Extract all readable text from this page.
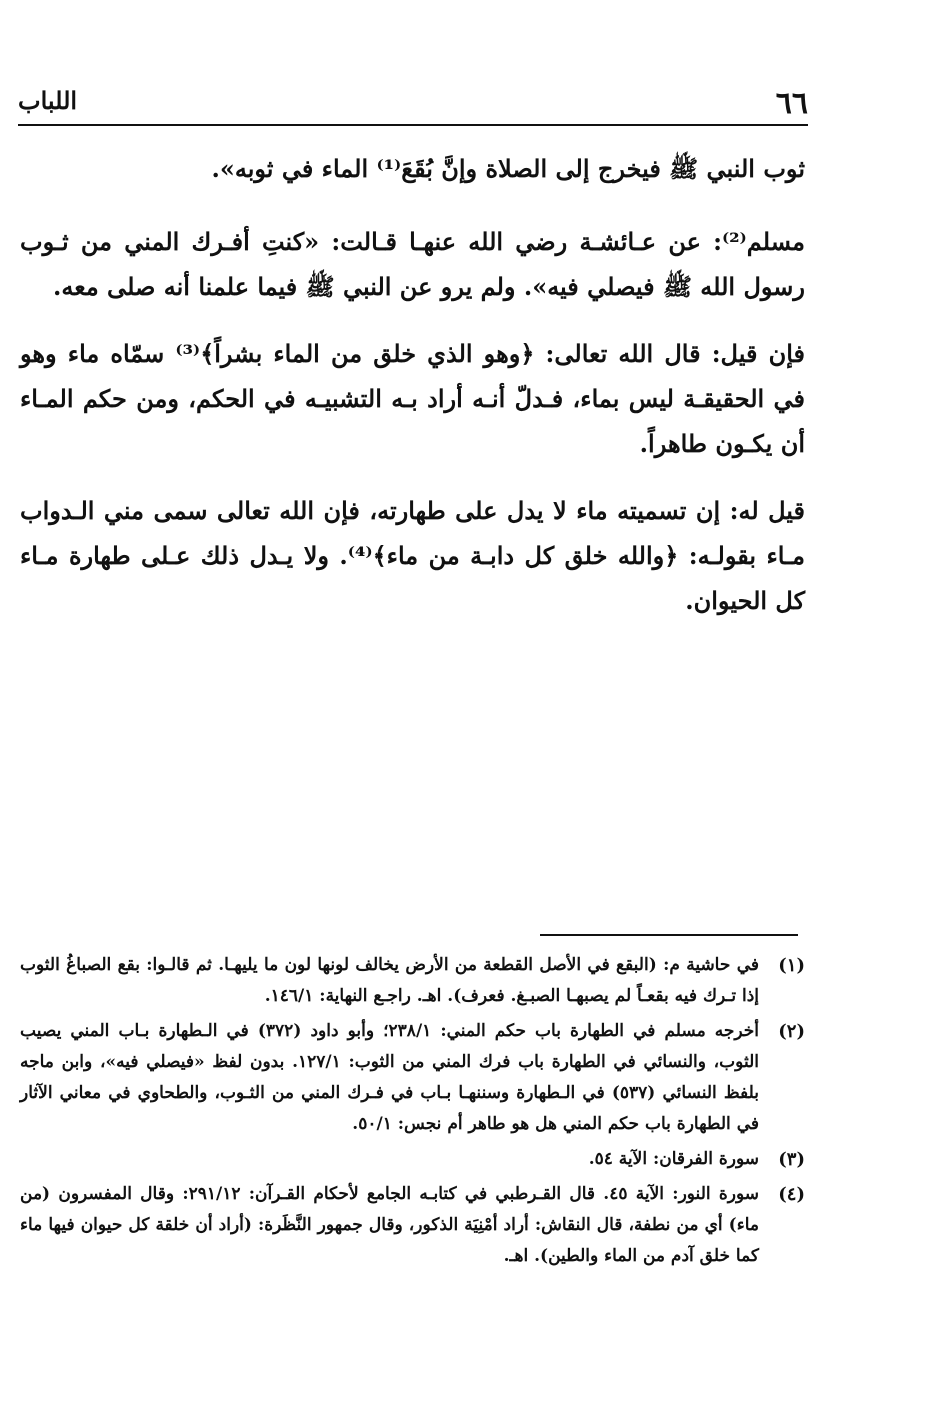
٦٦
اللباب

ثوب النبي ﷺ فيخرج إلى الصلاة وإنَّ بُقَعَ⁽¹⁾ الماء في ثوبه».

مسلم⁽²⁾: عن عـائشـة رضي الله عنهـا قـالت: «كنتِ أفـرك المني من ثـوب رسول الله ﷺ فيصلي فيه». ولم يرو عن النبي ﷺ فيما علمنا أنه صلى معه.

فإن قيل: قال الله تعالى: ﴿وهو الذي خلق من الماء بشراً﴾⁽³⁾ سمّاه ماء وهو في الحقيقـة ليس بماء، فـدلّ أنـه أراد بـه التشبيـه في الحكم، ومن حكم المـاء أن يكـون طاهراً.

قيل له: إن تسميته ماء لا يدل على طهارته، فإن الله تعالى سمى مني الـدواب مـاء بقولـه: ﴿والله خلق كل دابـة من ماء﴾⁽⁴⁾. ولا يـدل ذلك عـلى طهارة مـاء كل الحيوان.

(١)
في حاشية م: (البقع في الأصل القطعة من الأرض يخالف لونها لون ما يليهـا. ثم قالـوا: بقع الصباغُ الثوب إذا تـرك فيه بقعـاً لم يصبهـا الصبـغ. فعرف). اهـ. راجـع النهاية: ١٤٦/١.
(٢)
أخرجه مسلم في الطهارة باب حكم المني: ٢٣٨/١؛ وأبو داود (٣٧٢) في الـطهارة بـاب المني يصيب الثوب، والنسائي في الطهارة باب فرك المني من الثوب: ١٢٧/١. بدون لفظ «فيصلي فيه»، وابن ماجه بلفظ النسائي (٥٣٧) في الـطهارة وسننهـا بـاب في فـرك المني من الثـوب، والطحاوي في معاني الآثار في الطهارة باب حكم المني هل هو طاهر أم نجس: ٥٠/١.
(٣)
سورة الفرقان: الآية ٥٤.
(٤)
سورة النور: الآية ٤٥. قال القـرطبي في كتابـه الجامع لأحكام القـرآن: ٢٩١/١٢: وقال المفسرون (من ماء) أي من نطفة، قال النقاش: أراد أمْنِيَة الذكور، وقال جمهور النَّظَرة: (أراد أن خلقة كل حيوان فيها ماء كما خلق آدم من الماء والطين). اهـ.
